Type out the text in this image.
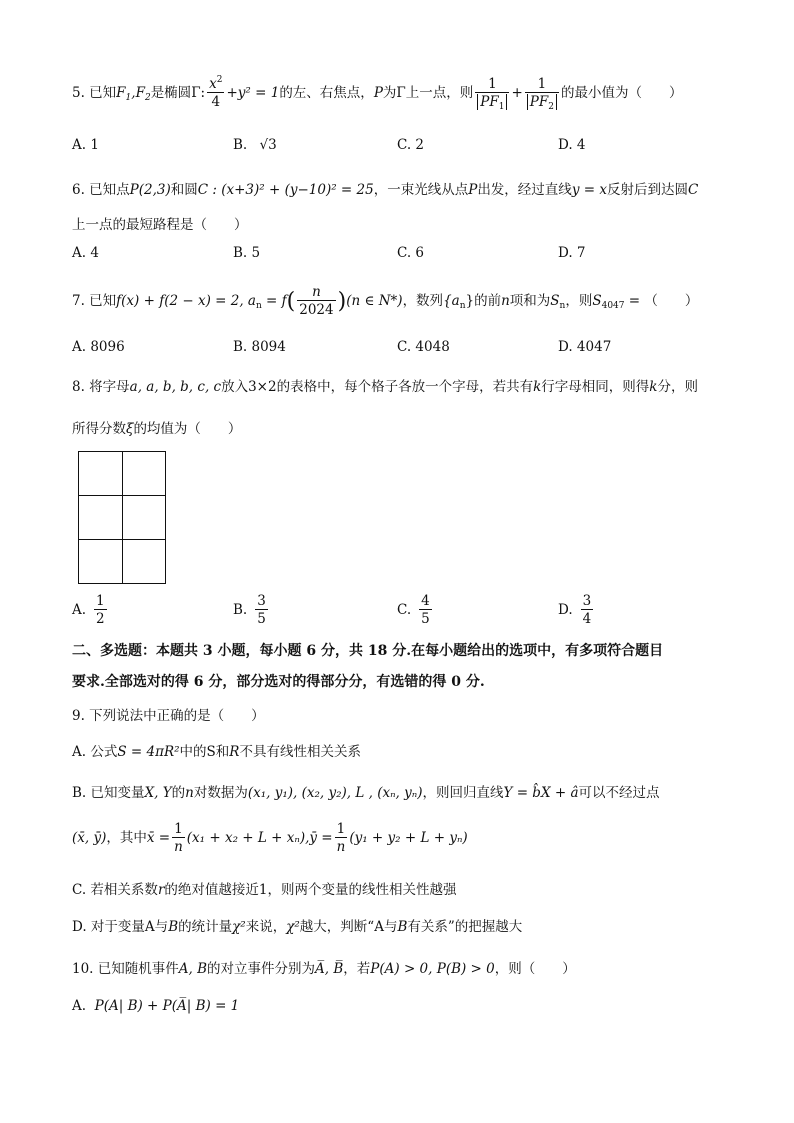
5. 已知$F_1,F_2$是椭圆Γ: $\frac{x^2}{4} +y^2 = 1$的左、右焦点，P为Γ上一点，则 $\frac{1}{PF_1} + \frac{1}{PF_2}$ 的最小值为（　　）
A. 1	B. √3	C. 2	D. 4
6. 已知点P(2,3)和圆C : (x+3)² + (y−10)² = 25，一束光线从点P出发，经过直线y = x反射后到达圆C
上一点的最短路程是（　　）
A. 4	B. 5	C. 6	D. 7
7. 已知f(x) + f(2 − x) = 2, $a_n = f( \frac{n}{2024} )(n$ ∈ N*)，数列$\{a_n\}$的前n项和为$S_n$，则$S_{4047}$ = （　　）
A. 8096	B. 8094	C. 4048	D. 4047
8. 将字母a, a, b, b, c, c放入3×2的表格中，每个格子各放一个字母，若共有k行字母相同，则得k分，则
所得分数ξ的均值为（　　）

A. $\frac{1}{2}$	B. $\frac{3}{5}$	C. $\frac{4}{5}$	D. $\frac{3}{4}$
二、多选题：本题共 3 小题，每小题 6 分，共 18 分.在每小题给出的选项中，有多项符合题目
要求.全部选对的得 6 分，部分选对的得部分分，有选错的得 0 分.
9. 下列说法中正确的是（　　）
A. 公式S = 4πR²中的S和R不具有线性相关关系
B. 已知变量X, Y的n对数据为(x₁, y₁), (x₂, y₂), L , (xₙ, yₙ)，则回归直线Y = b̂X + â可以不经过点
(x̄, ȳ)，其中x̄ = $\frac{1}{n} (x_1 + x_2 + L$ + xₙ),ȳ = $\frac{1}{n} (y_1 + y_2 + L + y_n)$
C. 若相关系数r的绝对值越接近1，则两个变量的线性相关性越强
D. 对于变量A与B的统计量χ²来说，χ²越大，判断“A与B有关系”的把握越大
10. 已知随机事件A, B的对立事件分别为A̅, B̅，若P(A) > 0, P(B) > 0，则（　　）
A. P(A| B) + P(A̅| B) = 1
